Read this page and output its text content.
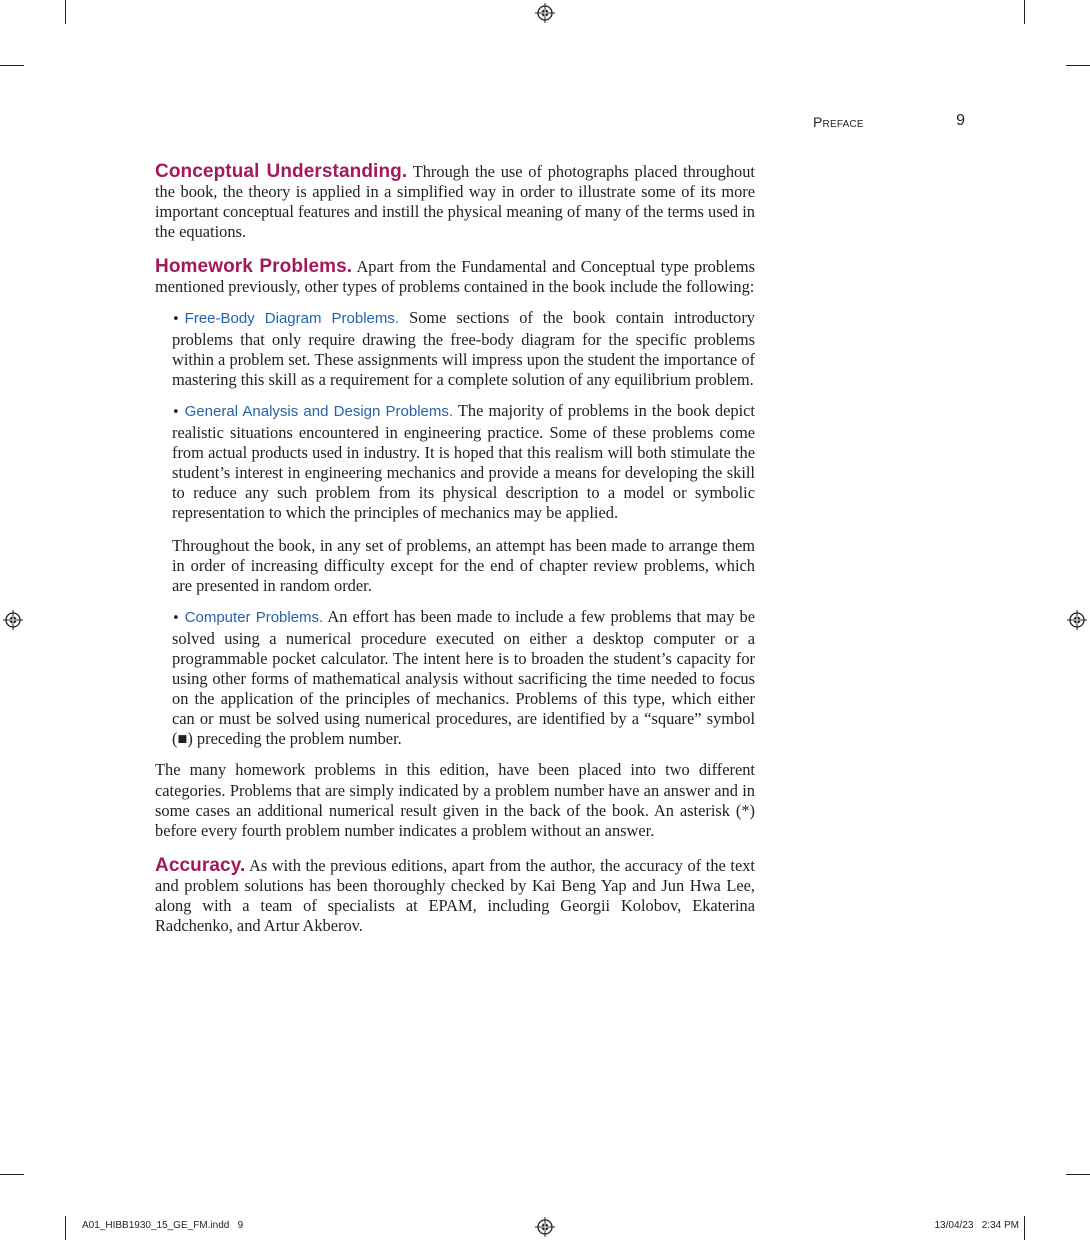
Preface	9

Conceptual Understanding. Through the use of photographs placed throughout the book, the theory is applied in a simplified way in order to illustrate some of its more important conceptual features and instill the physical meaning of many of the terms used in the equations.

Homework Problems. Apart from the Fundamental and Conceptual type problems mentioned previously, other types of problems contained in the book include the following:

• Free-Body Diagram Problems. Some sections of the book contain introductory problems that only require drawing the free-body diagram for the specific problems within a problem set. These assignments will impress upon the student the importance of mastering this skill as a requirement for a complete solution of any equilibrium problem.

• General Analysis and Design Problems. The majority of problems in the book depict realistic situations encountered in engineering practice. Some of these problems come from actual products used in industry. It is hoped that this realism will both stimulate the student’s interest in engineering mechanics and provide a means for developing the skill to reduce any such problem from its physical description to a model or symbolic representation to which the principles of mechanics may be applied.

Throughout the book, in any set of problems, an attempt has been made to arrange them in order of increasing difficulty except for the end of chapter review problems, which are presented in random order.

• Computer Problems. An effort has been made to include a few problems that may be solved using a numerical procedure executed on either a desktop computer or a programmable pocket calculator. The intent here is to broaden the student’s capacity for using other forms of mathematical analysis without sacrificing the time needed to focus on the application of the principles of mechanics. Problems of this type, which either can or must be solved using numerical procedures, are identified by a “square” symbol (■) preceding the problem number.

The many homework problems in this edition, have been placed into two different categories. Problems that are simply indicated by a problem number have an answer and in some cases an additional numerical result given in the back of the book. An asterisk (*) before every fourth problem number indicates a problem without an answer.

Accuracy. As with the previous editions, apart from the author, the accuracy of the text and problem solutions has been thoroughly checked by Kai Beng Yap and Jun Hwa Lee, along with a team of specialists at EPAM, including Georgii Kolobov, Ekaterina Radchenko, and Artur Akberov.

A01_HIBB1930_15_GE_FM.indd   9	13/04/23   2:34 PM
